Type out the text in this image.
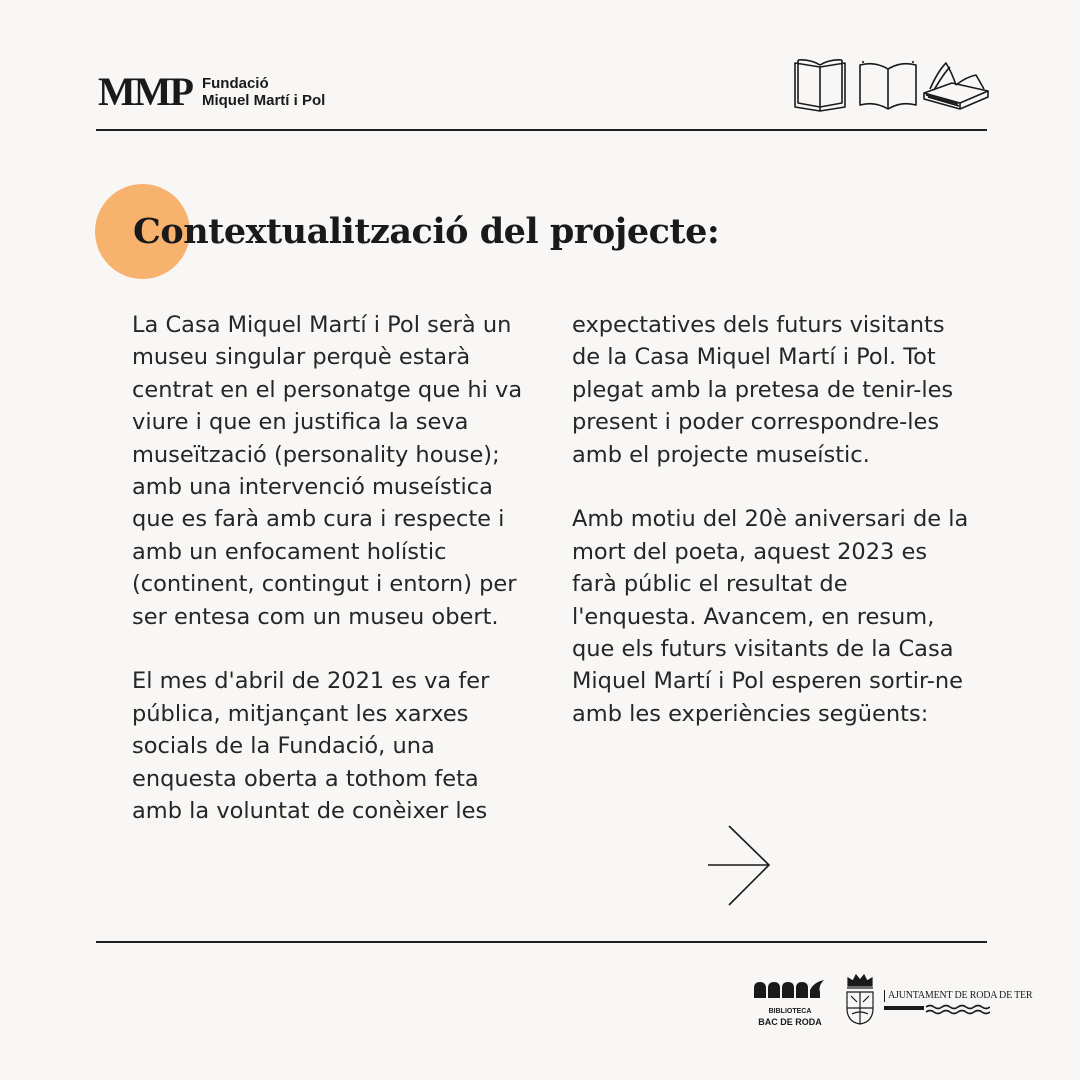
MMP Fundació
Miquel Martí i Pol
Contextualització del projecte:

La Casa Miquel Martí i Pol serà un museu singular perquè estarà centrat en el personatge que hi va viure i que en justifica la seva museïtzació (personality house); amb una intervenció museística que es farà amb cura i respecte i amb un enfocament holístic (continent, contingut i entorn) per ser entesa com un museu obert.

El mes d'abril de 2021 es va fer pública, mitjançant les xarxes socials de la Fundació, una enquesta oberta a tothom feta amb la voluntat de conèixer les

expectatives dels futurs visitants de la Casa Miquel Martí i Pol. Tot plegat amb la pretesa de tenir-les present i poder correspondre-les amb el projecte museístic.

Amb motiu del 20è aniversari de la mort del poeta, aquest 2023 es farà públic el resultat de l'enquesta. Avancem, en resum, que els futurs visitants de la Casa Miquel Martí i Pol esperen sortir-ne amb les experiències següents:

BIBLIOTECA
BAC DE RODA
AJUNTAMENT DE RODA DE TER
